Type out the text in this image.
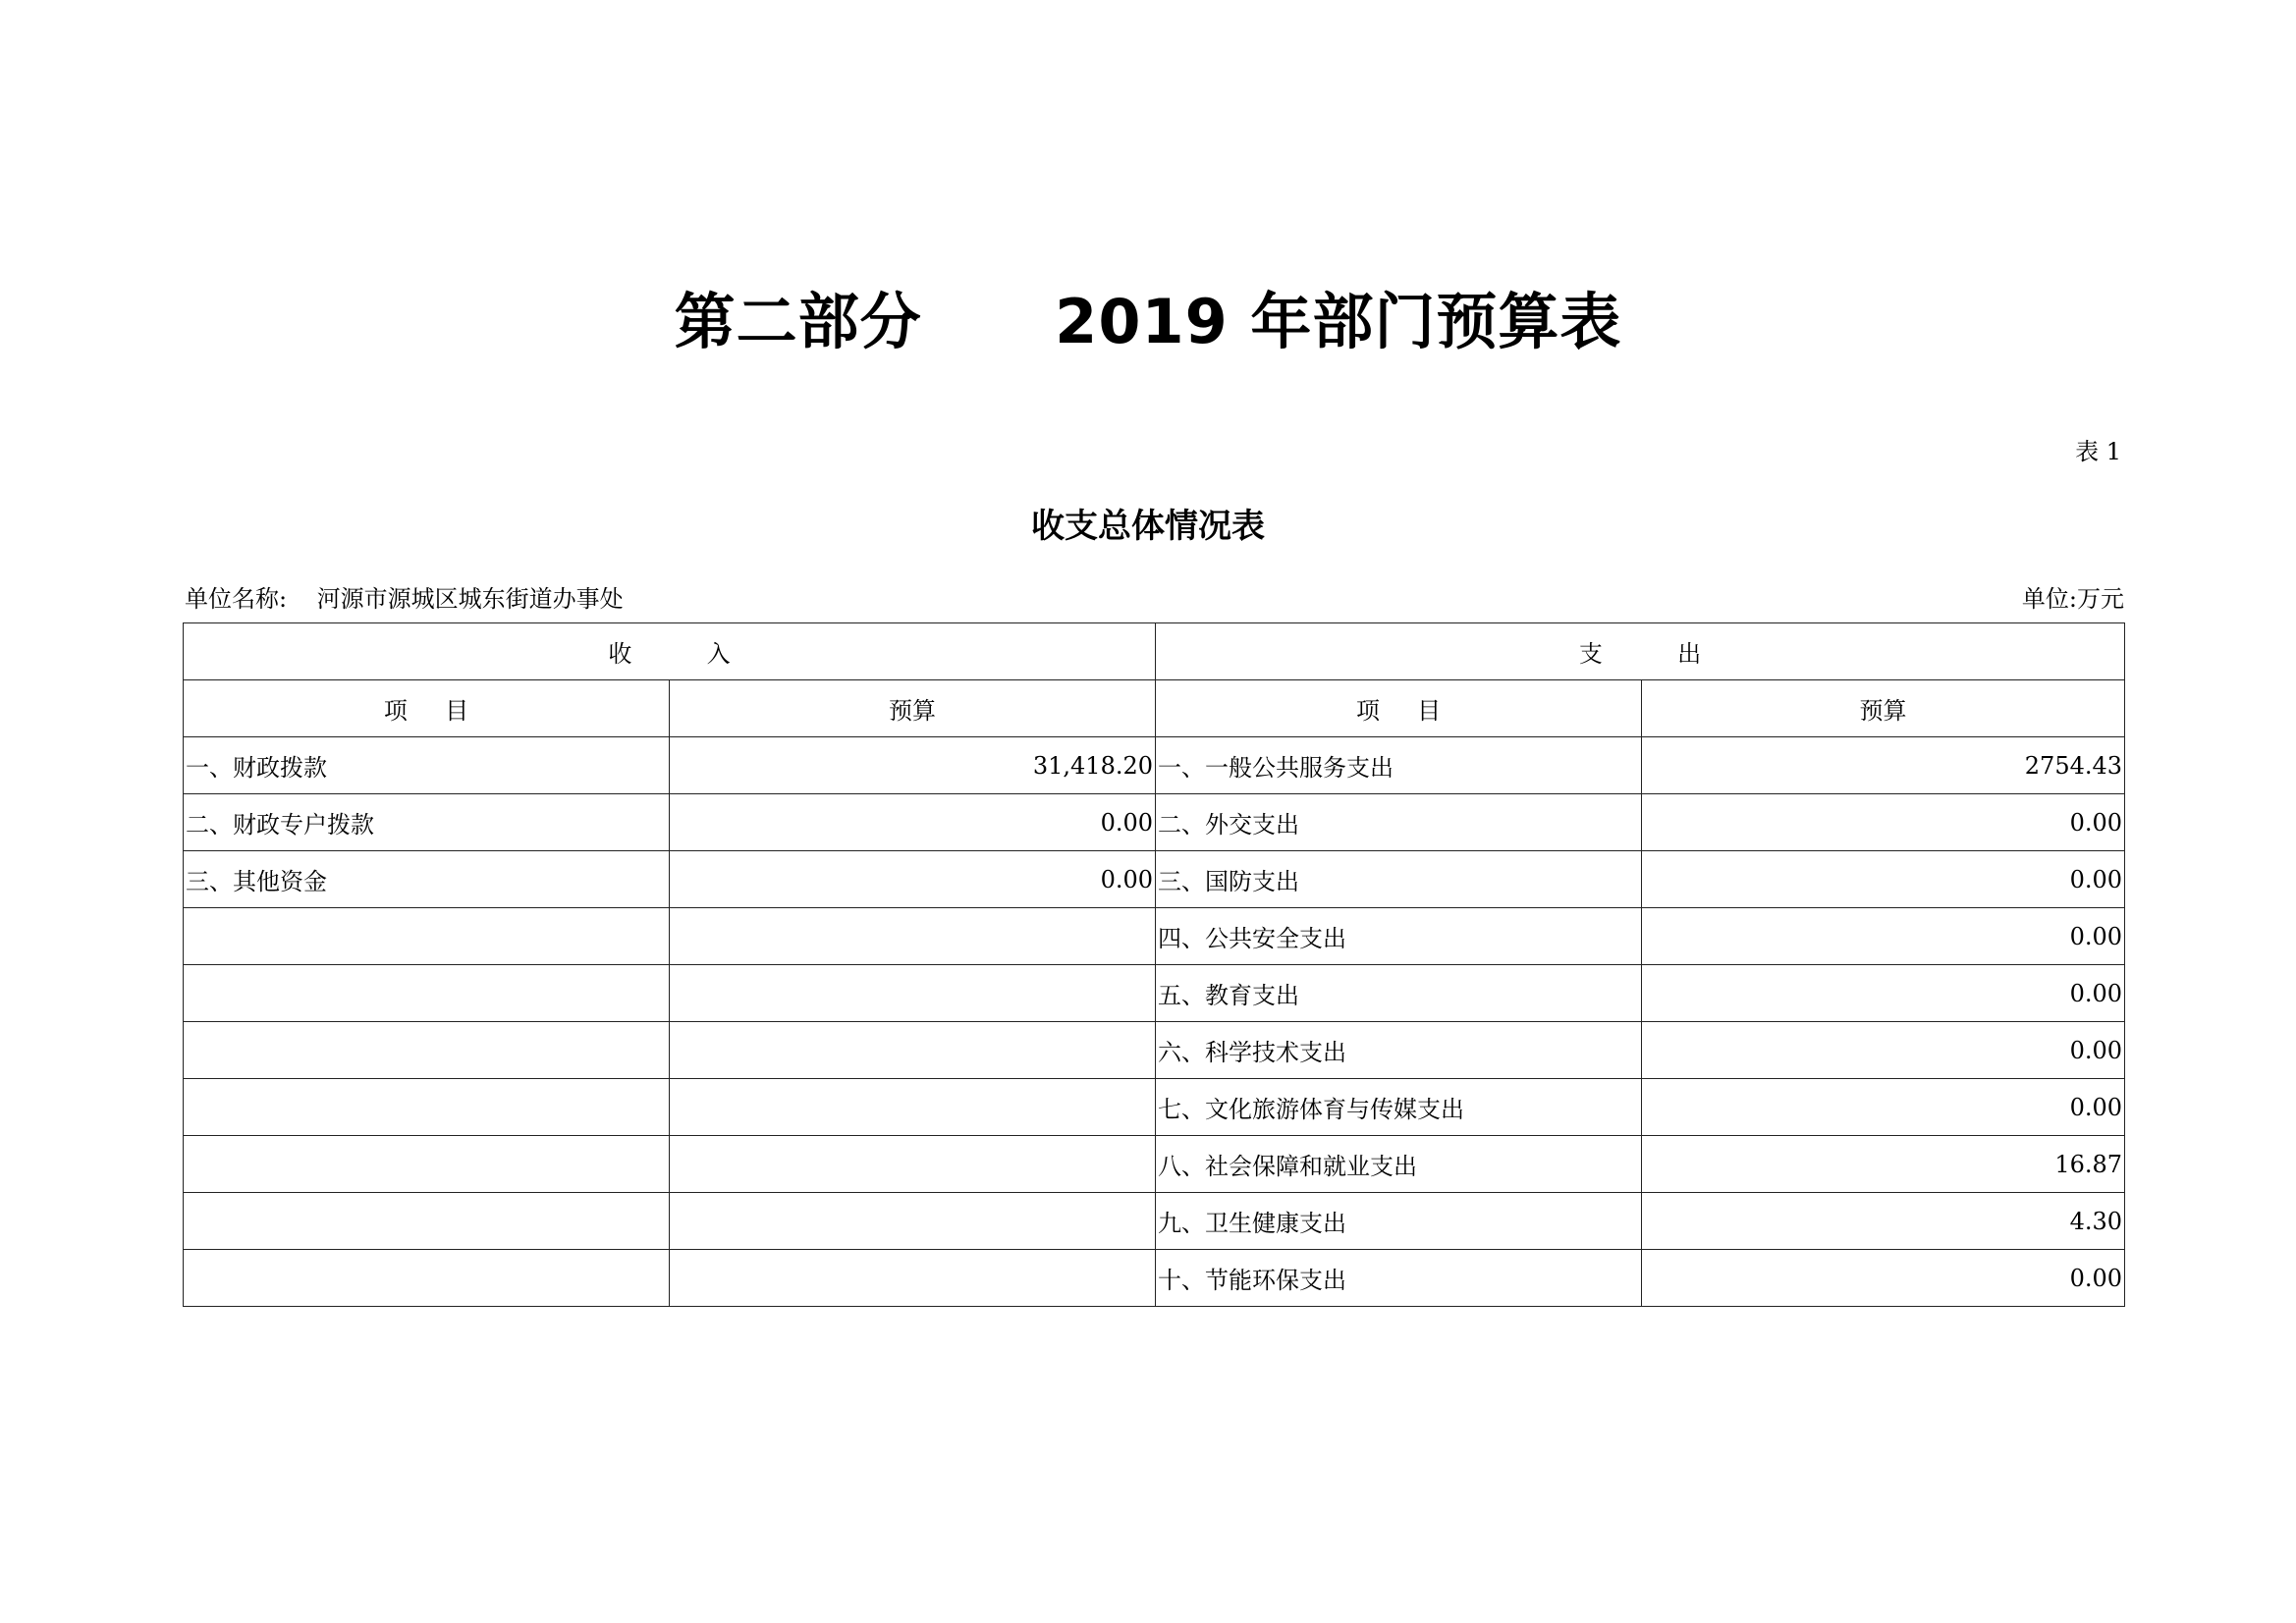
第二部分      2019 年部门预算表
表 1
收支总体情况表
单位名称:    河源市源城区城东街道办事处	单位:万元
收          入		支          出	
项     目	预算	项     目	预算
一、财政拨款	31,418.20	一、一般公共服务支出	2754.43
二、财政专户拨款	0.00	二、外交支出	0.00
三、其他资金	0.00	三、国防支出	0.00
		四、公共安全支出	0.00
		五、教育支出	0.00
		六、科学技术支出	0.00
		七、文化旅游体育与传媒支出	0.00
		八、社会保障和就业支出	16.87
		九、卫生健康支出	4.30
		十、节能环保支出	0.00
